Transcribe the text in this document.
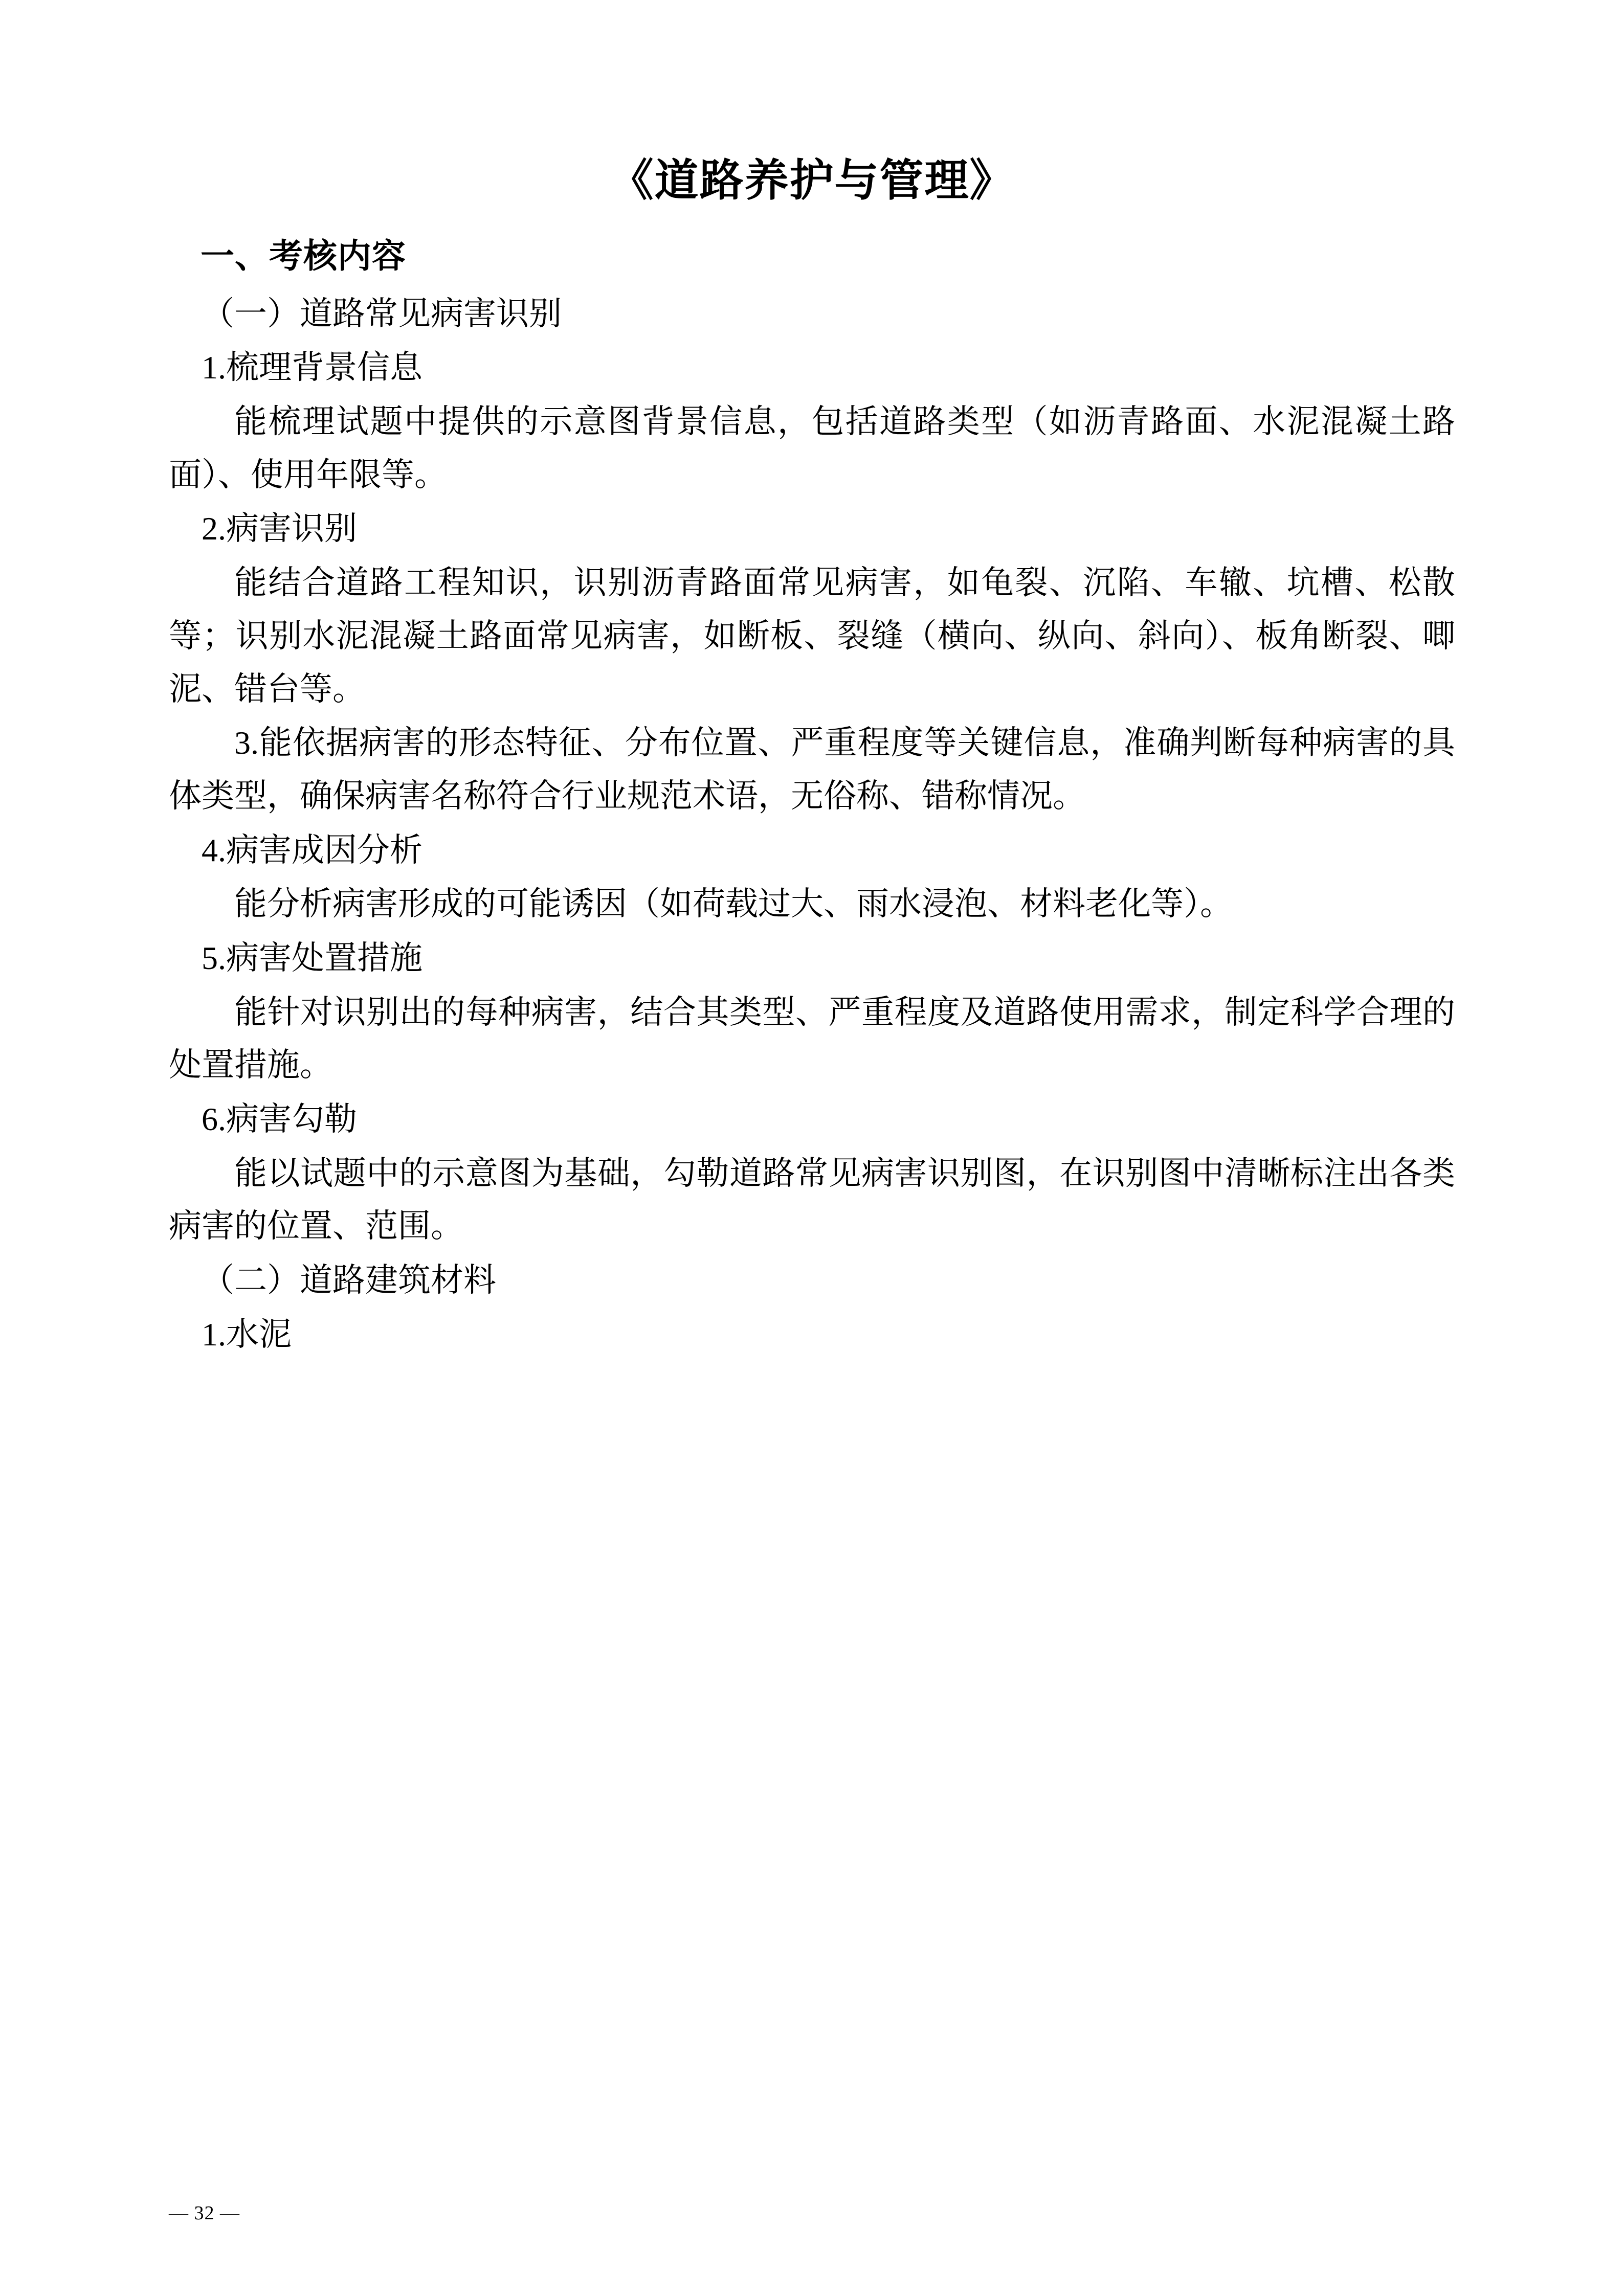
《道路养护与管理》
一、考核内容

（一）道路常见病害识别

1.梳理背景信息

能梳理试题中提供的示意图背景信息，包括道路类型（如沥青路面、水泥混凝土路面）、使用年限等。

2.病害识别

能结合道路工程知识，识别沥青路面常见病害，如龟裂、沉陷、车辙、坑槽、松散等；识别水泥混凝土路面常见病害，如断板、裂缝（横向、纵向、斜向）、板角断裂、唧泥、错台等。

3.能依据病害的形态特征、分布位置、严重程度等关键信息，准确判断每种病害的具体类型，确保病害名称符合行业规范术语，无俗称、错称情况。

4.病害成因分析

能分析病害形成的可能诱因（如荷载过大、雨水浸泡、材料老化等）。

5.病害处置措施

能针对识别出的每种病害，结合其类型、严重程度及道路使用需求，制定科学合理的处置措施。

6.病害勾勒

能以试题中的示意图为基础，勾勒道路常见病害识别图，在识别图中清晰标注出各类病害的位置、范围。

（二）道路建筑材料

1.水泥

— 32 —
